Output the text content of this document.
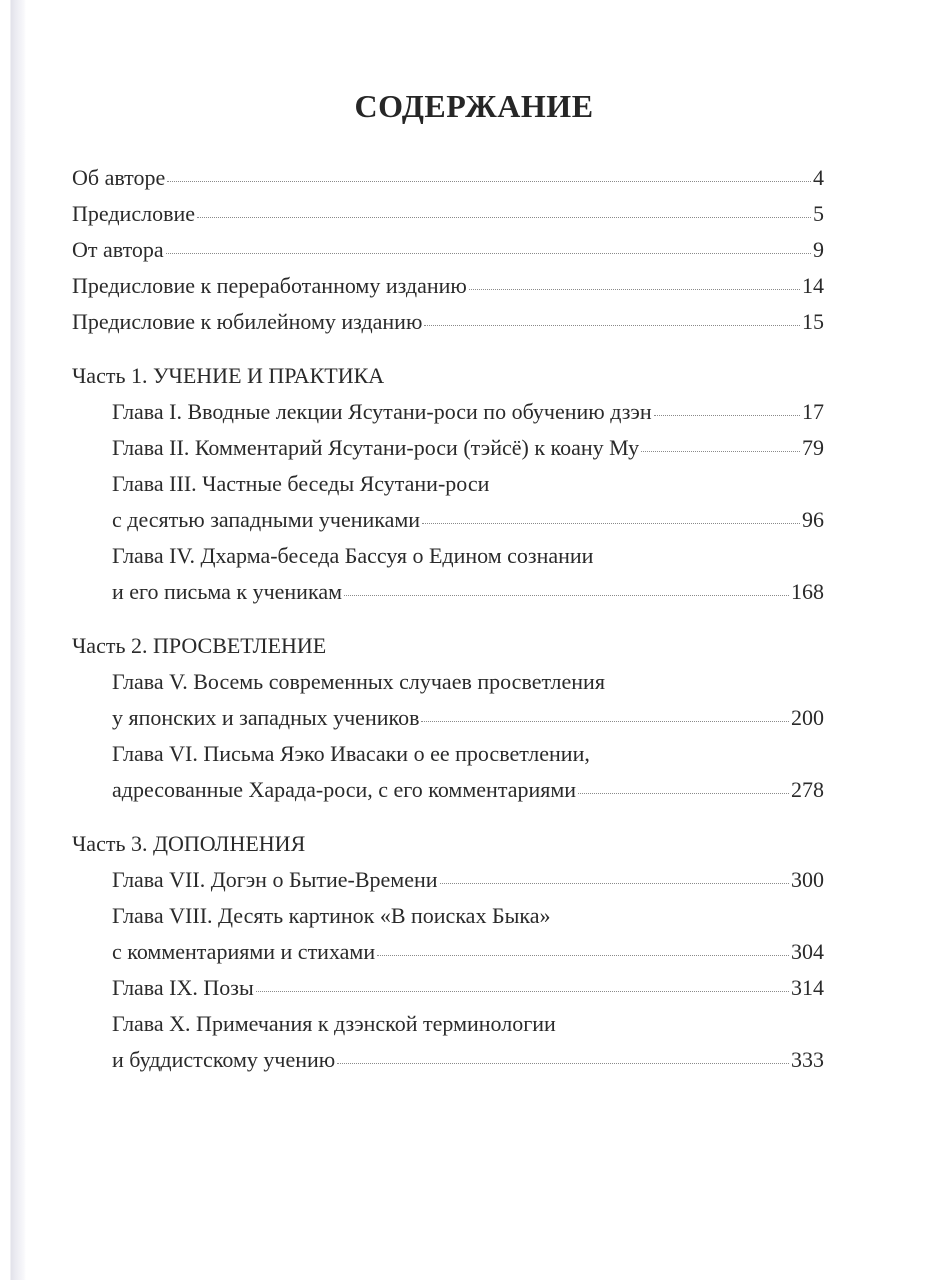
СОДЕРЖАНИЕ
Об авторе	4
Предисловие	5
От автора	9
Предисловие к переработанному изданию	14
Предисловие к юбилейному изданию	15
Часть 1. УЧЕНИЕ И ПРАКТИКА
Глава I. Вводные лекции Ясутани-роси по обучению дзэн	17
Глава II. Комментарий Ясутани-роси (тэйсё) к коану Му	79
Глава III. Частные беседы Ясутани-роси
с десятью западными учениками	96
Глава IV. Дхарма-беседа Бассуя о Едином сознании
и его письма к ученикам	168
Часть 2. ПРОСВЕТЛЕНИЕ
Глава V. Восемь современных случаев просветления
у японских и западных учеников	200
Глава VI. Письма Яэко Ивасаки о ее просветлении,
адресованные Харада-роси, с его комментариями	278
Часть 3. ДОПОЛНЕНИЯ
Глава VII. Догэн о Бытие-Времени	300
Глава VIII. Десять картинок «В поисках Быка»
с комментариями и стихами	304
Глава IX. Позы	314
Глава X. Примечания к дзэнской терминологии
и буддистскому учению	333
